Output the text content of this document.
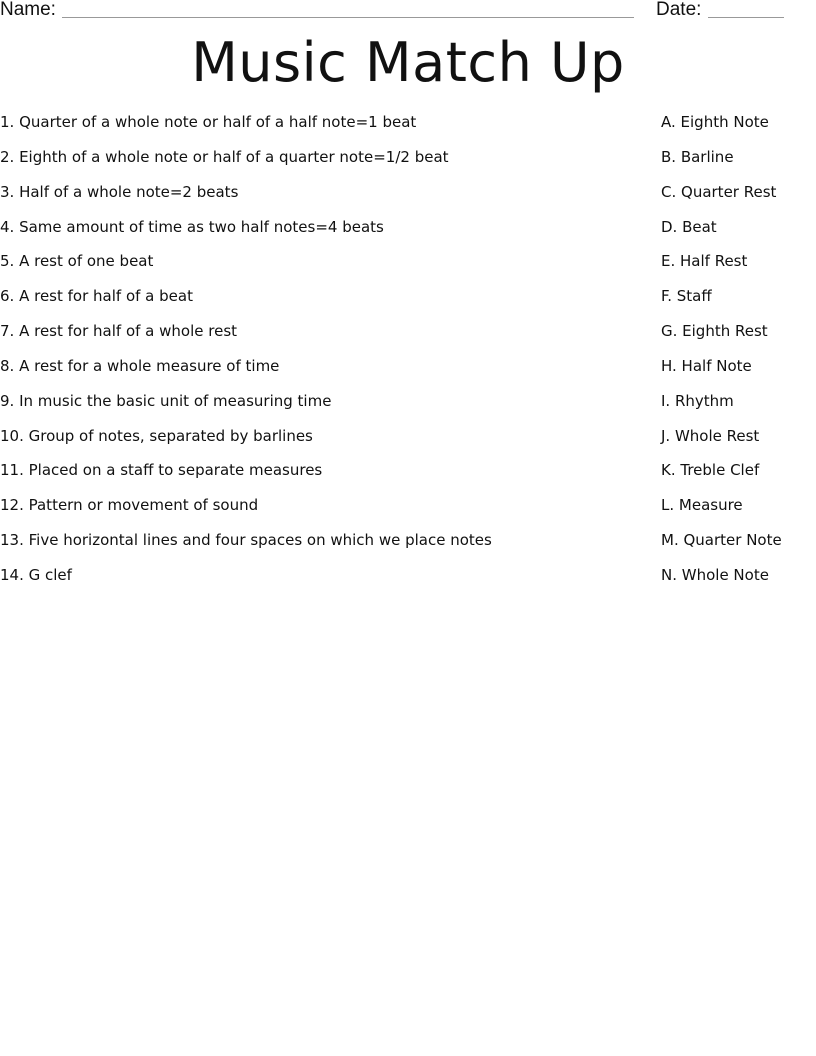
Name:	Date:
Music Match Up
1. Quarter of a whole note or half of a half note=1 beat
2. Eighth of a whole note or half of a quarter note=1/2 beat
3. Half of a whole note=2 beats
4. Same amount of time as two half notes=4 beats
5. A rest of one beat
6. A rest for half of a beat
7. A rest for half of a whole rest
8. A rest for a whole measure of time
9. In music the basic unit of measuring time
10. Group of notes, separated by barlines
11. Placed on a staff to separate measures
12. Pattern or movement of sound
13. Five horizontal lines and four spaces on which we place notes
14. G clef
A. Eighth Note
B. Barline
C. Quarter Rest
D. Beat
E. Half Rest
F. Staff
G. Eighth Rest
H. Half Note
I. Rhythm
J. Whole Rest
K. Treble Clef
L. Measure
M. Quarter Note
N. Whole Note
